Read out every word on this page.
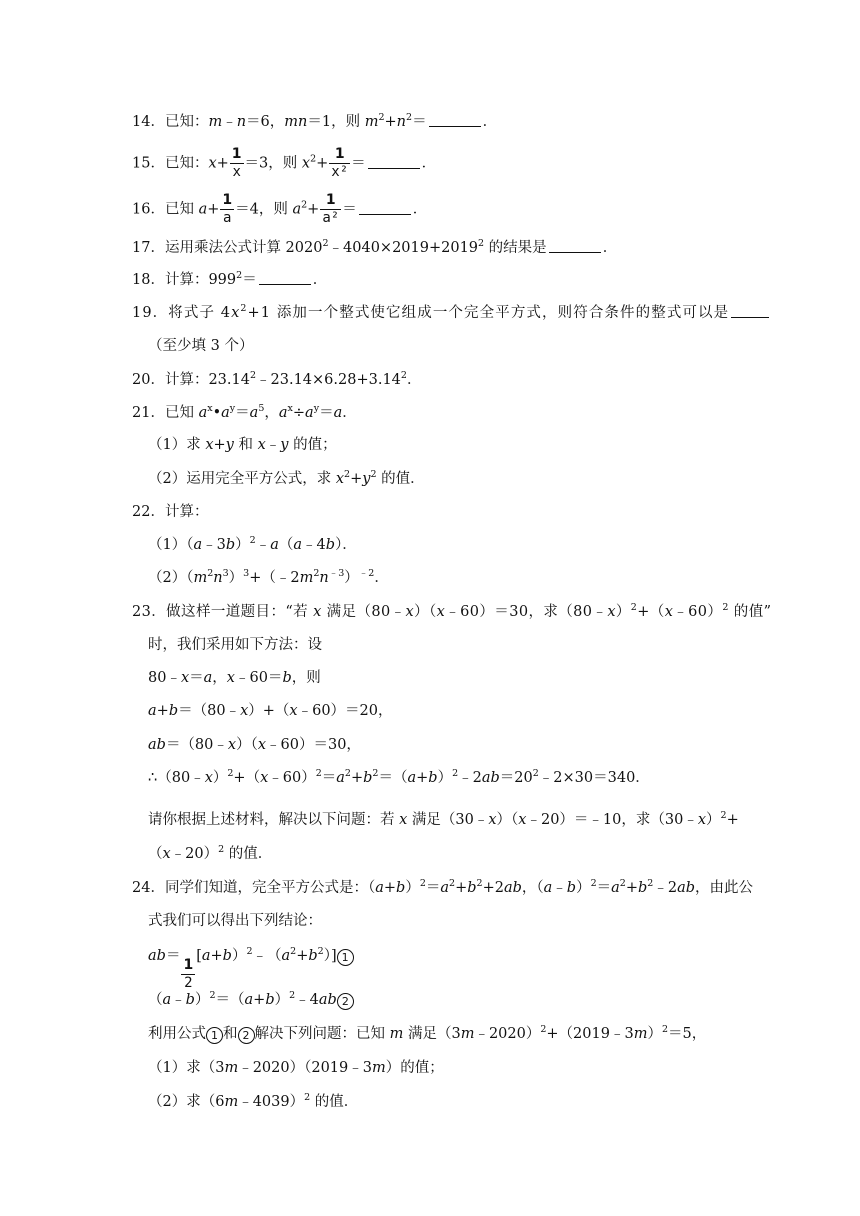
14．已知：m﹣n＝6，mn＝1，则 $m^2+n^2=$	．
15．已知：$x+ \frac{1}{x} =3$，则 $x^2+ \frac{1}{\text{x²}}$ ＝	．
16．已知 $a+ \frac{1}{a} =4$，则 $a^2+ \frac{1}{\text{a²}}$ ＝	．
17．运用乘法公式计算 $2020^2﹣4040\times 2019+2019^2$ 的结果是	．
18．计算：$999^2=$	．
19．将式子 $4x^2+1$ 添加一个整式使它组成一个完全平方式，则符合条件的整式可以是
（至少填 3 个）
20．计算：$23.14^2﹣23.14\times 6.28+3.14^2$．
21．已知 $a^x•a^y=a^5$，$a^x\div a^y=a$．
（1）求 x+y 和 x﹣y 的值；
（2）运用完全平方公式，求 $x^2+y^2$ 的值．
22．计算：
（1）（a﹣3b）$^2$﹣a（a﹣4b）．
$(2)(m^2n^3)^3+(﹣2m^2n^{﹣3})^{﹣2}$．
23．做这样一道题目：“若 x 满足（80﹣x）（x﹣60）＝30，求（80﹣x）$^2$+（x﹣60）$^2$ 的值”
时，我们采用如下方法：设
80﹣x＝a，x﹣60＝b，则
a+b＝（80﹣x）+（x﹣60）＝20，
ab＝（80﹣x）（x﹣60）＝30，
$\therefore(80﹣x)^2+(x﹣60)^2=a^2+b^2=(a+b)^2﹣2ab=20^2﹣2\times 30=340$．
请你根据上述材料，解决以下问题：若 x 满足（30﹣x）（x﹣20）＝﹣10，求（30﹣x）$^2$+
（x﹣20）$^2$ 的值．
24．同学们知道，完全平方公式是：$(a+b)^2=a^2+b^2+2ab$，$(a﹣b)^2=a^2+b^2﹣2ab$，由此公
式我们可以得出下列结论：
ab＝
$\frac{1}{2}$
$[a+b)^2﹣(a^2+b^2)$] 1
$(a﹣b)^2=(a+b)^2﹣4ab$ 2
利用公式 1 和 2 解决下列问题：已知 m 满足（3m﹣2020）$^2$+（2019﹣3m）$^2$＝5，
（1）求（3m﹣2020）（2019﹣3m）的值；
（2）求（6m﹣4039）$^2$ 的值．
